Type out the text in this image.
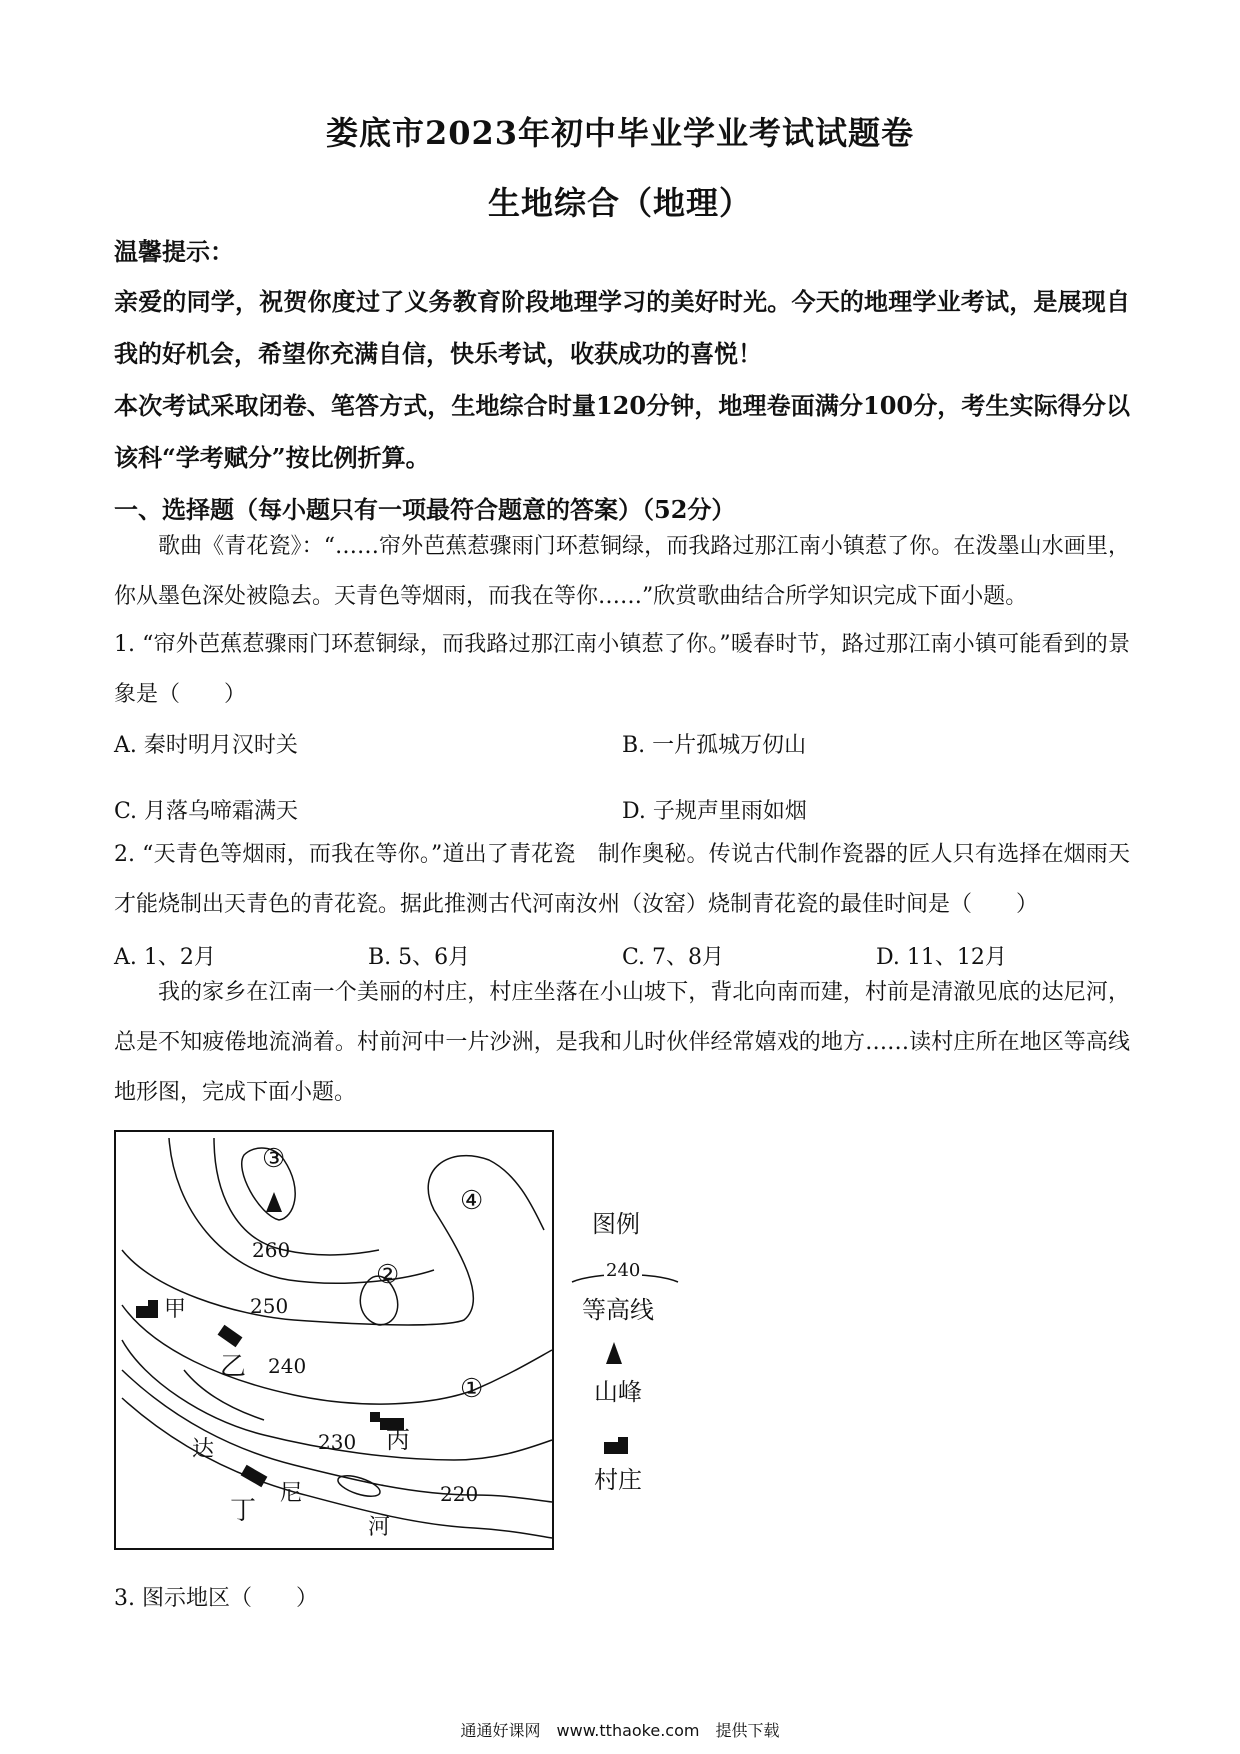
娄底市2023年初中毕业学业考试试题卷
生地综合（地理）
温馨提示：
亲爱的同学，祝贺你度过了义务教育阶段地理学习的美好时光。今天的地理学业考试，是展现自我的好机会，希望你充满自信，快乐考试，收获成功的喜悦！
本次考试采取闭卷、笔答方式，生地综合时量120分钟，地理卷面满分100分，考生实际得分以该科“学考赋分”按比例折算。
一、选择题（每小题只有一项最符合题意的答案）（52分）
歌曲《青花瓷》：“……帘外芭蕉惹骤雨门环惹铜绿，而我路过那江南小镇惹了你。在泼墨山水画里，你从墨色深处被隐去。天青色等烟雨，而我在等你……”欣赏歌曲结合所学知识完成下面小题。
1. “帘外芭蕉惹骤雨门环惹铜绿，而我路过那江南小镇惹了你。”暖春时节，路过那江南小镇可能看到的景象是（　　）
A. 秦时明月汉时关	B. 一片孤城万仞山
C. 月落乌啼霜满天	D. 子规声里雨如烟
2. “天青色等烟雨，而我在等你。”道出了青花瓷　制作奥秘。传说古代制作瓷器的匠人只有选择在烟雨天才能烧制出天青色的青花瓷。据此推测古代河南汝州（汝窑）烧制青花瓷的最佳时间是（　　）
A. 1、2月	B. 5、6月	C. 7、8月	D. 11、12月
我的家乡在江南一个美丽的村庄，村庄坐落在小山坡下，背北向南而建，村前是清澈见底的达尼河，总是不知疲倦地流淌着。村前河中一片沙洲，是我和儿时伙伴经常嬉戏的地方……读村庄所在地区等高线地形图，完成下面小题。
260
250
240
230
220
①
②
③
④
甲
乙
丙
丁
达
尼
河
图例
240
等高线
山峰
村庄
3. 图示地区（　　）
通通好课网　www.tthaoke.com　提供下载
